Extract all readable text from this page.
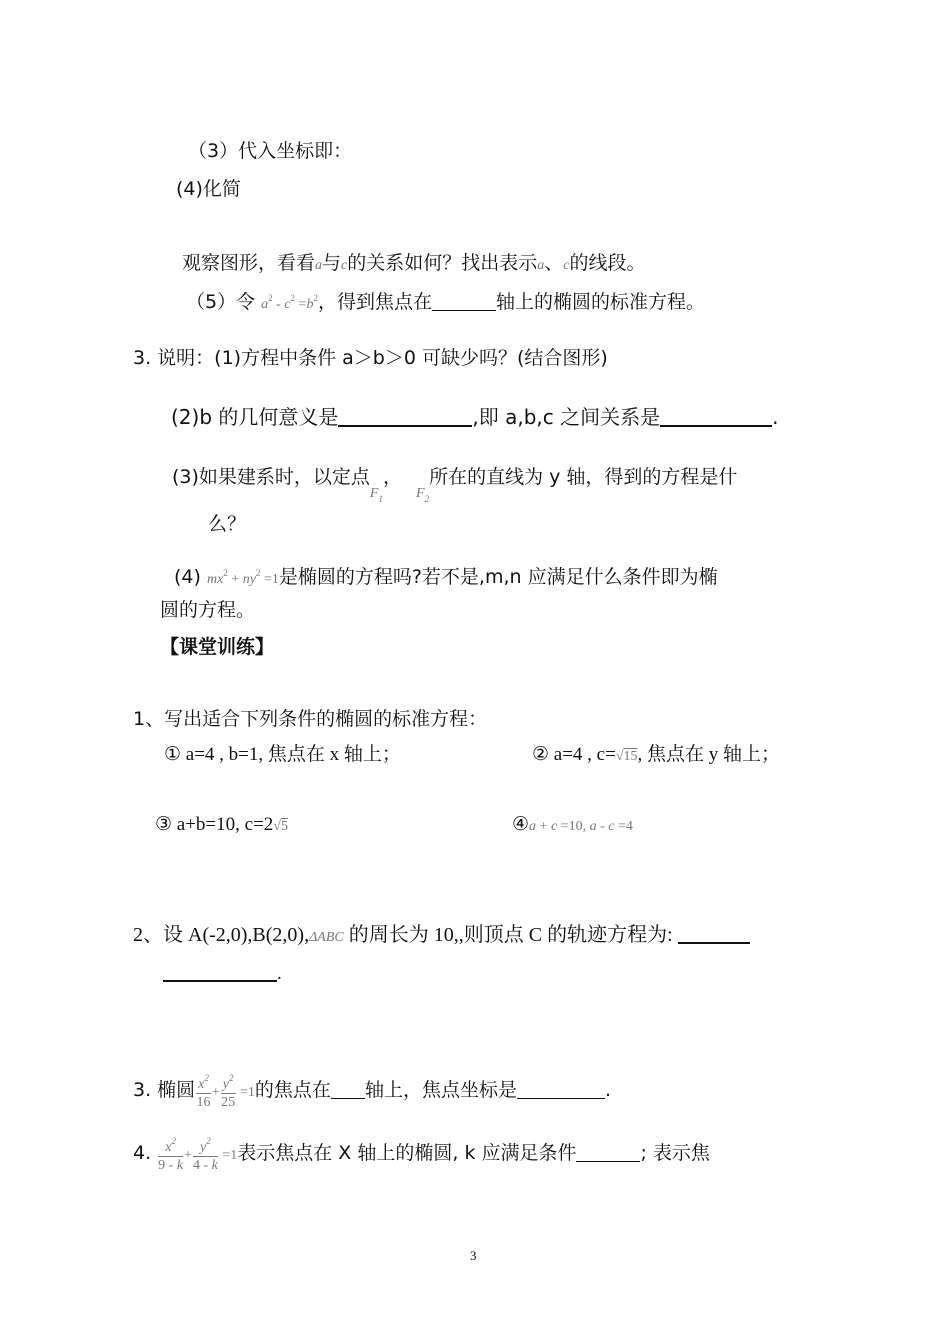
（3）代入坐标即：
(4)化简
观察图形，看看a与c的关系如何？找出表示a、c的线段。
（5）令 $a^2 - c^2 =b^2$，得到焦点在	轴上的椭圆的标准方程。
3. 说明：(1)方程中条件 a＞b＞0 可缺少吗？(结合图形)
(2)b 的几何意义是	,即 a,b,c 之间关系是	.
(3)如果建系时，以定点$_{F_1}$，$_{F_2}$所在的直线为 y 轴，得到的方程是什
么？
(4) $mx^2 + ny^2 =1$是椭圆的方程吗?若不是,m,n 应满足什么条件即为椭
圆的方程。
【课堂训练】
1、写出适合下列条件的椭圆的标准方程：
① a=4 , b=1, 焦点在 x 轴上；	② a=4 , c=√15, 焦点在 y 轴上；
③ a+b=10, c=2√5	④a + c =10, a - c =4
2、设 A(-2,0),B(2,0),ΔABC 的周长为 10,,则顶点 C 的轨迹方程为:
.
3. 椭圆 $\frac{x^2}{16} + \frac{y^2}{25} =1$的焦点在 轴上，焦点坐标是	.
4. $\frac{x^2}{9 - k} + \frac{y^2}{4 - k} =1$表示焦点在 X 轴上的椭圆, k 应满足条件	; 表示焦
3
